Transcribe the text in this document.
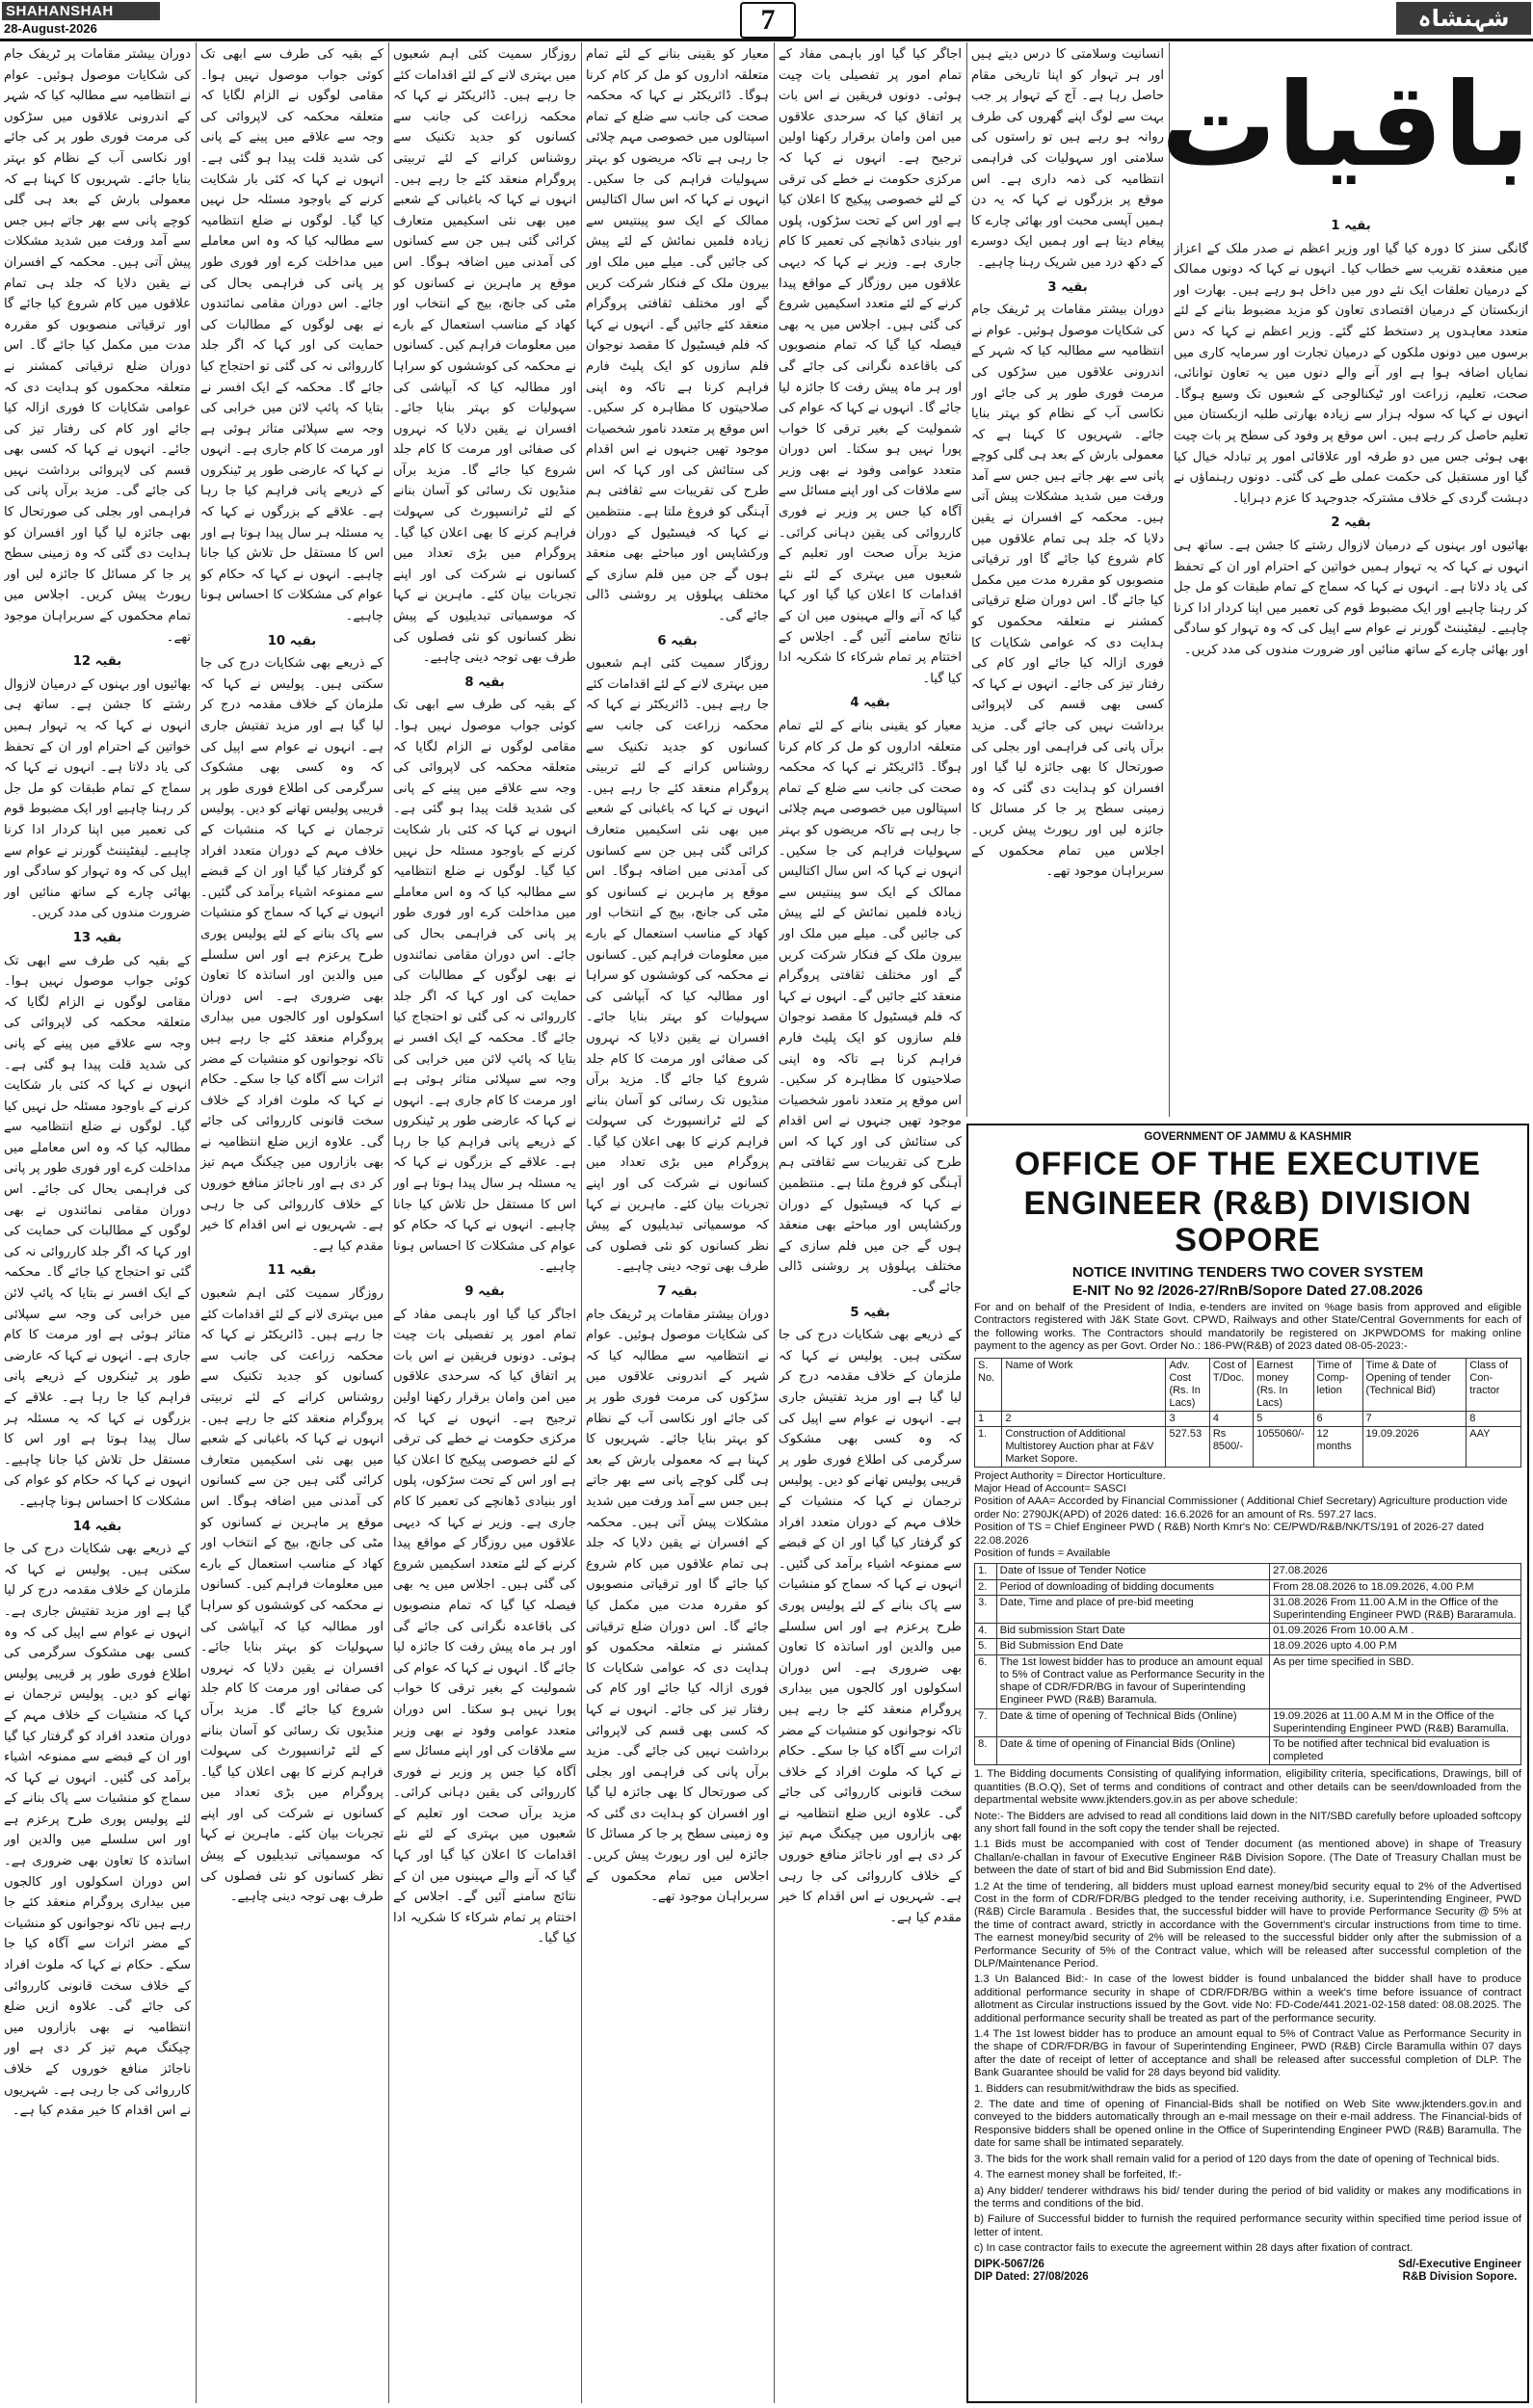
SHAHANSHAH
28-August-2026	7	شہنشاہ
باقیات
بقیہ 1

گانگی سنز کا دورہ کیا گیا اور وزیر اعظم نے صدر ملک کے اعزاز میں منعقدہ تقریب سے خطاب کیا۔ انہوں نے کہا کہ دونوں ممالک کے درمیان تعلقات ایک نئے دور میں داخل ہو رہے ہیں۔ بھارت اور ازبکستان کے درمیان اقتصادی تعاون کو مزید مضبوط بنانے کے لئے متعدد معاہدوں پر دستخط کئے گئے۔ وزیر اعظم نے کہا کہ دس برسوں میں دونوں ملکوں کے درمیان تجارت اور سرمایہ کاری میں نمایاں اضافہ ہوا ہے اور آنے والے دنوں میں یہ تعاون توانائی، صحت، تعلیم، زراعت اور ٹیکنالوجی کے شعبوں تک وسیع ہوگا۔ انہوں نے کہا کہ سولہ ہزار سے زیادہ بھارتی طلبہ ازبکستان میں تعلیم حاصل کر رہے ہیں۔ اس موقع پر وفود کی سطح پر بات چیت بھی ہوئی جس میں دو طرفہ اور علاقائی امور پر تبادلہ خیال کیا گیا اور مستقبل کی حکمت عملی طے کی گئی۔ دونوں رہنماؤں نے دہشت گردی کے خلاف مشترکہ جدوجہد کا عزم دہرایا۔

بقیہ 2

بھائیوں اور بہنوں کے درمیان لازوال رشتے کا جشن ہے۔ ساتھ ہی انہوں نے کہا کہ یہ تہوار ہمیں خواتین کے احترام اور ان کے تحفظ کی یاد دلاتا ہے۔ انہوں نے کہا کہ سماج کے تمام طبقات کو مل جل کر رہنا چاہیے اور ایک مضبوط قوم کی تعمیر میں اپنا کردار ادا کرنا چاہیے۔ لیفٹیننٹ گورنر نے عوام سے اپیل کی کہ وہ تہوار کو سادگی اور بھائی چارے کے ساتھ منائیں اور ضرورت مندوں کی مدد کریں۔

انسانیت وسلامتی کا درس دیتے ہیں اور ہر تہوار کو اپنا تاریخی مقام حاصل رہا ہے۔ آج کے تہوار پر جب بہت سے لوگ اپنے گھروں کی طرف روانہ ہو رہے ہیں تو راستوں کی سلامتی اور سہولیات کی فراہمی انتظامیہ کی ذمہ داری ہے۔ اس موقع پر بزرگوں نے کہا کہ یہ دن ہمیں آپسی محبت اور بھائی چارے کا پیغام دیتا ہے اور ہمیں ایک دوسرے کے دکھ درد میں شریک رہنا چاہیے۔

بقیہ 3

دوران بیشتر مقامات پر ٹریفک جام کی شکایات موصول ہوئیں۔ عوام نے انتظامیہ سے مطالبہ کیا کہ شہر کے اندرونی علاقوں میں سڑکوں کی مرمت فوری طور پر کی جائے اور نکاسی آب کے نظام کو بہتر بنایا جائے۔ شہریوں کا کہنا ہے کہ معمولی بارش کے بعد ہی گلی کوچے پانی سے بھر جاتے ہیں جس سے آمد ورفت میں شدید مشکلات پیش آتی ہیں۔ محکمہ کے افسران نے یقین دلایا کہ جلد ہی تمام علاقوں میں کام شروع کیا جائے گا اور ترقیاتی منصوبوں کو مقررہ مدت میں مکمل کیا جائے گا۔ اس دوران ضلع ترقیاتی کمشنر نے متعلقہ محکموں کو ہدایت دی کہ عوامی شکایات کا فوری ازالہ کیا جائے اور کام کی رفتار تیز کی جائے۔ انہوں نے کہا کہ کسی بھی قسم کی لاپروائی برداشت نہیں کی جائے گی۔ مزید برآں پانی کی فراہمی اور بجلی کی صورتحال کا بھی جائزہ لیا گیا اور افسران کو ہدایت دی گئی کہ وہ زمینی سطح پر جا کر مسائل کا جائزہ لیں اور رپورٹ پیش کریں۔ اجلاس میں تمام محکموں کے سربراہان موجود تھے۔

اجاگر کیا گیا اور باہمی مفاد کے تمام امور پر تفصیلی بات چیت ہوئی۔ دونوں فریقین نے اس بات پر اتفاق کیا کہ سرحدی علاقوں میں امن وامان برقرار رکھنا اولین ترجیح ہے۔ انہوں نے کہا کہ مرکزی حکومت نے خطے کی ترقی کے لئے خصوصی پیکیج کا اعلان کیا ہے اور اس کے تحت سڑکوں، پلوں اور بنیادی ڈھانچے کی تعمیر کا کام جاری ہے۔ وزیر نے کہا کہ دیہی علاقوں میں روزگار کے مواقع پیدا کرنے کے لئے متعدد اسکیمیں شروع کی گئی ہیں۔ اجلاس میں یہ بھی فیصلہ کیا گیا کہ تمام منصوبوں کی باقاعدہ نگرانی کی جائے گی اور ہر ماہ پیش رفت کا جائزہ لیا جائے گا۔ انہوں نے کہا کہ عوام کی شمولیت کے بغیر ترقی کا خواب پورا نہیں ہو سکتا۔ اس دوران متعدد عوامی وفود نے بھی وزیر سے ملاقات کی اور اپنے مسائل سے آگاہ کیا جس پر وزیر نے فوری کارروائی کی یقین دہانی کرائی۔ مزید برآں صحت اور تعلیم کے شعبوں میں بہتری کے لئے نئے اقدامات کا اعلان کیا گیا اور کہا گیا کہ آنے والے مہینوں میں ان کے نتائج سامنے آئیں گے۔ اجلاس کے اختتام پر تمام شرکاء کا شکریہ ادا کیا گیا۔

بقیہ 4

معیار کو یقینی بنانے کے لئے تمام متعلقہ اداروں کو مل کر کام کرنا ہوگا۔ ڈائریکٹر نے کہا کہ محکمہ صحت کی جانب سے ضلع کے تمام اسپتالوں میں خصوصی مہم چلائی جا رہی ہے تاکہ مریضوں کو بہتر سہولیات فراہم کی جا سکیں۔ انہوں نے کہا کہ اس سال اکتالیس ممالک کے ایک سو پینتیس سے زیادہ فلمیں نمائش کے لئے پیش کی جائیں گی۔ میلے میں ملک اور بیرون ملک کے فنکار شرکت کریں گے اور مختلف ثقافتی پروگرام منعقد کئے جائیں گے۔ انہوں نے کہا کہ فلم فیسٹیول کا مقصد نوجوان فلم سازوں کو ایک پلیٹ فارم فراہم کرنا ہے تاکہ وہ اپنی صلاحیتوں کا مظاہرہ کر سکیں۔ اس موقع پر متعدد نامور شخصیات موجود تھیں جنہوں نے اس اقدام کی ستائش کی اور کہا کہ اس طرح کی تقریبات سے ثقافتی ہم آہنگی کو فروغ ملتا ہے۔ منتظمین نے کہا کہ فیسٹیول کے دوران ورکشاپس اور مباحثے بھی منعقد ہوں گے جن میں فلم سازی کے مختلف پہلوؤں پر روشنی ڈالی جائے گی۔

بقیہ 5

کے ذریعے بھی شکایات درج کی جا سکتی ہیں۔ پولیس نے کہا کہ ملزمان کے خلاف مقدمہ درج کر لیا گیا ہے اور مزید تفتیش جاری ہے۔ انہوں نے عوام سے اپیل کی کہ وہ کسی بھی مشکوک سرگرمی کی اطلاع فوری طور پر قریبی پولیس تھانے کو دیں۔ پولیس ترجمان نے کہا کہ منشیات کے خلاف مہم کے دوران متعدد افراد کو گرفتار کیا گیا اور ان کے قبضے سے ممنوعہ اشیاء برآمد کی گئیں۔ انہوں نے کہا کہ سماج کو منشیات سے پاک بنانے کے لئے پولیس پوری طرح پرعزم ہے اور اس سلسلے میں والدین اور اساتذہ کا تعاون بھی ضروری ہے۔ اس دوران اسکولوں اور کالجوں میں بیداری پروگرام منعقد کئے جا رہے ہیں تاکہ نوجوانوں کو منشیات کے مضر اثرات سے آگاہ کیا جا سکے۔ حکام نے کہا کہ ملوث افراد کے خلاف سخت قانونی کارروائی کی جائے گی۔ علاوہ ازیں ضلع انتظامیہ نے بھی بازاروں میں چیکنگ مہم تیز کر دی ہے اور ناجائز منافع خوروں کے خلاف کارروائی کی جا رہی ہے۔ شہریوں نے اس اقدام کا خیر مقدم کیا ہے۔

معیار کو یقینی بنانے کے لئے تمام متعلقہ اداروں کو مل کر کام کرنا ہوگا۔ ڈائریکٹر نے کہا کہ محکمہ صحت کی جانب سے ضلع کے تمام اسپتالوں میں خصوصی مہم چلائی جا رہی ہے تاکہ مریضوں کو بہتر سہولیات فراہم کی جا سکیں۔ انہوں نے کہا کہ اس سال اکتالیس ممالک کے ایک سو پینتیس سے زیادہ فلمیں نمائش کے لئے پیش کی جائیں گی۔ میلے میں ملک اور بیرون ملک کے فنکار شرکت کریں گے اور مختلف ثقافتی پروگرام منعقد کئے جائیں گے۔ انہوں نے کہا کہ فلم فیسٹیول کا مقصد نوجوان فلم سازوں کو ایک پلیٹ فارم فراہم کرنا ہے تاکہ وہ اپنی صلاحیتوں کا مظاہرہ کر سکیں۔ اس موقع پر متعدد نامور شخصیات موجود تھیں جنہوں نے اس اقدام کی ستائش کی اور کہا کہ اس طرح کی تقریبات سے ثقافتی ہم آہنگی کو فروغ ملتا ہے۔ منتظمین نے کہا کہ فیسٹیول کے دوران ورکشاپس اور مباحثے بھی منعقد ہوں گے جن میں فلم سازی کے مختلف پہلوؤں پر روشنی ڈالی جائے گی۔

بقیہ 6

روزگار سمیت کئی اہم شعبوں میں بہتری لانے کے لئے اقدامات کئے جا رہے ہیں۔ ڈائریکٹر نے کہا کہ محکمہ زراعت کی جانب سے کسانوں کو جدید تکنیک سے روشناس کرانے کے لئے تربیتی پروگرام منعقد کئے جا رہے ہیں۔ انہوں نے کہا کہ باغبانی کے شعبے میں بھی نئی اسکیمیں متعارف کرائی گئی ہیں جن سے کسانوں کی آمدنی میں اضافہ ہوگا۔ اس موقع پر ماہرین نے کسانوں کو مٹی کی جانچ، بیج کے انتخاب اور کھاد کے مناسب استعمال کے بارے میں معلومات فراہم کیں۔ کسانوں نے محکمہ کی کوششوں کو سراہا اور مطالبہ کیا کہ آبپاشی کی سہولیات کو بہتر بنایا جائے۔ افسران نے یقین دلایا کہ نہروں کی صفائی اور مرمت کا کام جلد شروع کیا جائے گا۔ مزید برآں منڈیوں تک رسائی کو آسان بنانے کے لئے ٹرانسپورٹ کی سہولت فراہم کرنے کا بھی اعلان کیا گیا۔ پروگرام میں بڑی تعداد میں کسانوں نے شرکت کی اور اپنے تجربات بیان کئے۔ ماہرین نے کہا کہ موسمیاتی تبدیلیوں کے پیش نظر کسانوں کو نئی فصلوں کی طرف بھی توجہ دینی چاہیے۔

بقیہ 7

دوران بیشتر مقامات پر ٹریفک جام کی شکایات موصول ہوئیں۔ عوام نے انتظامیہ سے مطالبہ کیا کہ شہر کے اندرونی علاقوں میں سڑکوں کی مرمت فوری طور پر کی جائے اور نکاسی آب کے نظام کو بہتر بنایا جائے۔ شہریوں کا کہنا ہے کہ معمولی بارش کے بعد ہی گلی کوچے پانی سے بھر جاتے ہیں جس سے آمد ورفت میں شدید مشکلات پیش آتی ہیں۔ محکمہ کے افسران نے یقین دلایا کہ جلد ہی تمام علاقوں میں کام شروع کیا جائے گا اور ترقیاتی منصوبوں کو مقررہ مدت میں مکمل کیا جائے گا۔ اس دوران ضلع ترقیاتی کمشنر نے متعلقہ محکموں کو ہدایت دی کہ عوامی شکایات کا فوری ازالہ کیا جائے اور کام کی رفتار تیز کی جائے۔ انہوں نے کہا کہ کسی بھی قسم کی لاپروائی برداشت نہیں کی جائے گی۔ مزید برآں پانی کی فراہمی اور بجلی کی صورتحال کا بھی جائزہ لیا گیا اور افسران کو ہدایت دی گئی کہ وہ زمینی سطح پر جا کر مسائل کا جائزہ لیں اور رپورٹ پیش کریں۔ اجلاس میں تمام محکموں کے سربراہان موجود تھے۔

روزگار سمیت کئی اہم شعبوں میں بہتری لانے کے لئے اقدامات کئے جا رہے ہیں۔ ڈائریکٹر نے کہا کہ محکمہ زراعت کی جانب سے کسانوں کو جدید تکنیک سے روشناس کرانے کے لئے تربیتی پروگرام منعقد کئے جا رہے ہیں۔ انہوں نے کہا کہ باغبانی کے شعبے میں بھی نئی اسکیمیں متعارف کرائی گئی ہیں جن سے کسانوں کی آمدنی میں اضافہ ہوگا۔ اس موقع پر ماہرین نے کسانوں کو مٹی کی جانچ، بیج کے انتخاب اور کھاد کے مناسب استعمال کے بارے میں معلومات فراہم کیں۔ کسانوں نے محکمہ کی کوششوں کو سراہا اور مطالبہ کیا کہ آبپاشی کی سہولیات کو بہتر بنایا جائے۔ افسران نے یقین دلایا کہ نہروں کی صفائی اور مرمت کا کام جلد شروع کیا جائے گا۔ مزید برآں منڈیوں تک رسائی کو آسان بنانے کے لئے ٹرانسپورٹ کی سہولت فراہم کرنے کا بھی اعلان کیا گیا۔ پروگرام میں بڑی تعداد میں کسانوں نے شرکت کی اور اپنے تجربات بیان کئے۔ ماہرین نے کہا کہ موسمیاتی تبدیلیوں کے پیش نظر کسانوں کو نئی فصلوں کی طرف بھی توجہ دینی چاہیے۔

بقیہ 8

کے بقیہ کی طرف سے ابھی تک کوئی جواب موصول نہیں ہوا۔ مقامی لوگوں نے الزام لگایا کہ متعلقہ محکمہ کی لاپروائی کی وجہ سے علاقے میں پینے کے پانی کی شدید قلت پیدا ہو گئی ہے۔ انہوں نے کہا کہ کئی بار شکایت کرنے کے باوجود مسئلہ حل نہیں کیا گیا۔ لوگوں نے ضلع انتظامیہ سے مطالبہ کیا کہ وہ اس معاملے میں مداخلت کرے اور فوری طور پر پانی کی فراہمی بحال کی جائے۔ اس دوران مقامی نمائندوں نے بھی لوگوں کے مطالبات کی حمایت کی اور کہا کہ اگر جلد کارروائی نہ کی گئی تو احتجاج کیا جائے گا۔ محکمہ کے ایک افسر نے بتایا کہ پائپ لائن میں خرابی کی وجہ سے سپلائی متاثر ہوئی ہے اور مرمت کا کام جاری ہے۔ انہوں نے کہا کہ عارضی طور پر ٹینکروں کے ذریعے پانی فراہم کیا جا رہا ہے۔ علاقے کے بزرگوں نے کہا کہ یہ مسئلہ ہر سال پیدا ہوتا ہے اور اس کا مستقل حل تلاش کیا جانا چاہیے۔ انہوں نے کہا کہ حکام کو عوام کی مشکلات کا احساس ہونا چاہیے۔

بقیہ 9

اجاگر کیا گیا اور باہمی مفاد کے تمام امور پر تفصیلی بات چیت ہوئی۔ دونوں فریقین نے اس بات پر اتفاق کیا کہ سرحدی علاقوں میں امن وامان برقرار رکھنا اولین ترجیح ہے۔ انہوں نے کہا کہ مرکزی حکومت نے خطے کی ترقی کے لئے خصوصی پیکیج کا اعلان کیا ہے اور اس کے تحت سڑکوں، پلوں اور بنیادی ڈھانچے کی تعمیر کا کام جاری ہے۔ وزیر نے کہا کہ دیہی علاقوں میں روزگار کے مواقع پیدا کرنے کے لئے متعدد اسکیمیں شروع کی گئی ہیں۔ اجلاس میں یہ بھی فیصلہ کیا گیا کہ تمام منصوبوں کی باقاعدہ نگرانی کی جائے گی اور ہر ماہ پیش رفت کا جائزہ لیا جائے گا۔ انہوں نے کہا کہ عوام کی شمولیت کے بغیر ترقی کا خواب پورا نہیں ہو سکتا۔ اس دوران متعدد عوامی وفود نے بھی وزیر سے ملاقات کی اور اپنے مسائل سے آگاہ کیا جس پر وزیر نے فوری کارروائی کی یقین دہانی کرائی۔ مزید برآں صحت اور تعلیم کے شعبوں میں بہتری کے لئے نئے اقدامات کا اعلان کیا گیا اور کہا گیا کہ آنے والے مہینوں میں ان کے نتائج سامنے آئیں گے۔ اجلاس کے اختتام پر تمام شرکاء کا شکریہ ادا کیا گیا۔

کے بقیہ کی طرف سے ابھی تک کوئی جواب موصول نہیں ہوا۔ مقامی لوگوں نے الزام لگایا کہ متعلقہ محکمہ کی لاپروائی کی وجہ سے علاقے میں پینے کے پانی کی شدید قلت پیدا ہو گئی ہے۔ انہوں نے کہا کہ کئی بار شکایت کرنے کے باوجود مسئلہ حل نہیں کیا گیا۔ لوگوں نے ضلع انتظامیہ سے مطالبہ کیا کہ وہ اس معاملے میں مداخلت کرے اور فوری طور پر پانی کی فراہمی بحال کی جائے۔ اس دوران مقامی نمائندوں نے بھی لوگوں کے مطالبات کی حمایت کی اور کہا کہ اگر جلد کارروائی نہ کی گئی تو احتجاج کیا جائے گا۔ محکمہ کے ایک افسر نے بتایا کہ پائپ لائن میں خرابی کی وجہ سے سپلائی متاثر ہوئی ہے اور مرمت کا کام جاری ہے۔ انہوں نے کہا کہ عارضی طور پر ٹینکروں کے ذریعے پانی فراہم کیا جا رہا ہے۔ علاقے کے بزرگوں نے کہا کہ یہ مسئلہ ہر سال پیدا ہوتا ہے اور اس کا مستقل حل تلاش کیا جانا چاہیے۔ انہوں نے کہا کہ حکام کو عوام کی مشکلات کا احساس ہونا چاہیے۔

بقیہ 10

کے ذریعے بھی شکایات درج کی جا سکتی ہیں۔ پولیس نے کہا کہ ملزمان کے خلاف مقدمہ درج کر لیا گیا ہے اور مزید تفتیش جاری ہے۔ انہوں نے عوام سے اپیل کی کہ وہ کسی بھی مشکوک سرگرمی کی اطلاع فوری طور پر قریبی پولیس تھانے کو دیں۔ پولیس ترجمان نے کہا کہ منشیات کے خلاف مہم کے دوران متعدد افراد کو گرفتار کیا گیا اور ان کے قبضے سے ممنوعہ اشیاء برآمد کی گئیں۔ انہوں نے کہا کہ سماج کو منشیات سے پاک بنانے کے لئے پولیس پوری طرح پرعزم ہے اور اس سلسلے میں والدین اور اساتذہ کا تعاون بھی ضروری ہے۔ اس دوران اسکولوں اور کالجوں میں بیداری پروگرام منعقد کئے جا رہے ہیں تاکہ نوجوانوں کو منشیات کے مضر اثرات سے آگاہ کیا جا سکے۔ حکام نے کہا کہ ملوث افراد کے خلاف سخت قانونی کارروائی کی جائے گی۔ علاوہ ازیں ضلع انتظامیہ نے بھی بازاروں میں چیکنگ مہم تیز کر دی ہے اور ناجائز منافع خوروں کے خلاف کارروائی کی جا رہی ہے۔ شہریوں نے اس اقدام کا خیر مقدم کیا ہے۔

بقیہ 11

روزگار سمیت کئی اہم شعبوں میں بہتری لانے کے لئے اقدامات کئے جا رہے ہیں۔ ڈائریکٹر نے کہا کہ محکمہ زراعت کی جانب سے کسانوں کو جدید تکنیک سے روشناس کرانے کے لئے تربیتی پروگرام منعقد کئے جا رہے ہیں۔ انہوں نے کہا کہ باغبانی کے شعبے میں بھی نئی اسکیمیں متعارف کرائی گئی ہیں جن سے کسانوں کی آمدنی میں اضافہ ہوگا۔ اس موقع پر ماہرین نے کسانوں کو مٹی کی جانچ، بیج کے انتخاب اور کھاد کے مناسب استعمال کے بارے میں معلومات فراہم کیں۔ کسانوں نے محکمہ کی کوششوں کو سراہا اور مطالبہ کیا کہ آبپاشی کی سہولیات کو بہتر بنایا جائے۔ افسران نے یقین دلایا کہ نہروں کی صفائی اور مرمت کا کام جلد شروع کیا جائے گا۔ مزید برآں منڈیوں تک رسائی کو آسان بنانے کے لئے ٹرانسپورٹ کی سہولت فراہم کرنے کا بھی اعلان کیا گیا۔ پروگرام میں بڑی تعداد میں کسانوں نے شرکت کی اور اپنے تجربات بیان کئے۔ ماہرین نے کہا کہ موسمیاتی تبدیلیوں کے پیش نظر کسانوں کو نئی فصلوں کی طرف بھی توجہ دینی چاہیے۔

دوران بیشتر مقامات پر ٹریفک جام کی شکایات موصول ہوئیں۔ عوام نے انتظامیہ سے مطالبہ کیا کہ شہر کے اندرونی علاقوں میں سڑکوں کی مرمت فوری طور پر کی جائے اور نکاسی آب کے نظام کو بہتر بنایا جائے۔ شہریوں کا کہنا ہے کہ معمولی بارش کے بعد ہی گلی کوچے پانی سے بھر جاتے ہیں جس سے آمد ورفت میں شدید مشکلات پیش آتی ہیں۔ محکمہ کے افسران نے یقین دلایا کہ جلد ہی تمام علاقوں میں کام شروع کیا جائے گا اور ترقیاتی منصوبوں کو مقررہ مدت میں مکمل کیا جائے گا۔ اس دوران ضلع ترقیاتی کمشنر نے متعلقہ محکموں کو ہدایت دی کہ عوامی شکایات کا فوری ازالہ کیا جائے اور کام کی رفتار تیز کی جائے۔ انہوں نے کہا کہ کسی بھی قسم کی لاپروائی برداشت نہیں کی جائے گی۔ مزید برآں پانی کی فراہمی اور بجلی کی صورتحال کا بھی جائزہ لیا گیا اور افسران کو ہدایت دی گئی کہ وہ زمینی سطح پر جا کر مسائل کا جائزہ لیں اور رپورٹ پیش کریں۔ اجلاس میں تمام محکموں کے سربراہان موجود تھے۔

بقیہ 12

بھائیوں اور بہنوں کے درمیان لازوال رشتے کا جشن ہے۔ ساتھ ہی انہوں نے کہا کہ یہ تہوار ہمیں خواتین کے احترام اور ان کے تحفظ کی یاد دلاتا ہے۔ انہوں نے کہا کہ سماج کے تمام طبقات کو مل جل کر رہنا چاہیے اور ایک مضبوط قوم کی تعمیر میں اپنا کردار ادا کرنا چاہیے۔ لیفٹیننٹ گورنر نے عوام سے اپیل کی کہ وہ تہوار کو سادگی اور بھائی چارے کے ساتھ منائیں اور ضرورت مندوں کی مدد کریں۔

بقیہ 13

کے بقیہ کی طرف سے ابھی تک کوئی جواب موصول نہیں ہوا۔ مقامی لوگوں نے الزام لگایا کہ متعلقہ محکمہ کی لاپروائی کی وجہ سے علاقے میں پینے کے پانی کی شدید قلت پیدا ہو گئی ہے۔ انہوں نے کہا کہ کئی بار شکایت کرنے کے باوجود مسئلہ حل نہیں کیا گیا۔ لوگوں نے ضلع انتظامیہ سے مطالبہ کیا کہ وہ اس معاملے میں مداخلت کرے اور فوری طور پر پانی کی فراہمی بحال کی جائے۔ اس دوران مقامی نمائندوں نے بھی لوگوں کے مطالبات کی حمایت کی اور کہا کہ اگر جلد کارروائی نہ کی گئی تو احتجاج کیا جائے گا۔ محکمہ کے ایک افسر نے بتایا کہ پائپ لائن میں خرابی کی وجہ سے سپلائی متاثر ہوئی ہے اور مرمت کا کام جاری ہے۔ انہوں نے کہا کہ عارضی طور پر ٹینکروں کے ذریعے پانی فراہم کیا جا رہا ہے۔ علاقے کے بزرگوں نے کہا کہ یہ مسئلہ ہر سال پیدا ہوتا ہے اور اس کا مستقل حل تلاش کیا جانا چاہیے۔ انہوں نے کہا کہ حکام کو عوام کی مشکلات کا احساس ہونا چاہیے۔

بقیہ 14

کے ذریعے بھی شکایات درج کی جا سکتی ہیں۔ پولیس نے کہا کہ ملزمان کے خلاف مقدمہ درج کر لیا گیا ہے اور مزید تفتیش جاری ہے۔ انہوں نے عوام سے اپیل کی کہ وہ کسی بھی مشکوک سرگرمی کی اطلاع فوری طور پر قریبی پولیس تھانے کو دیں۔ پولیس ترجمان نے کہا کہ منشیات کے خلاف مہم کے دوران متعدد افراد کو گرفتار کیا گیا اور ان کے قبضے سے ممنوعہ اشیاء برآمد کی گئیں۔ انہوں نے کہا کہ سماج کو منشیات سے پاک بنانے کے لئے پولیس پوری طرح پرعزم ہے اور اس سلسلے میں والدین اور اساتذہ کا تعاون بھی ضروری ہے۔ اس دوران اسکولوں اور کالجوں میں بیداری پروگرام منعقد کئے جا رہے ہیں تاکہ نوجوانوں کو منشیات کے مضر اثرات سے آگاہ کیا جا سکے۔ حکام نے کہا کہ ملوث افراد کے خلاف سخت قانونی کارروائی کی جائے گی۔ علاوہ ازیں ضلع انتظامیہ نے بھی بازاروں میں چیکنگ مہم تیز کر دی ہے اور ناجائز منافع خوروں کے خلاف کارروائی کی جا رہی ہے۔ شہریوں نے اس اقدام کا خیر مقدم کیا ہے۔

GOVERNMENT OF JAMMU & KASHMIR
OFFICE OF THE EXECUTIVE
ENGINEER (R&B) DIVISION SOPORE
NOTICE INVITING TENDERS TWO COVER SYSTEM
E-NIT No 92 /2026-27/RnB/Sopore Dated 27.08.2026
For and on behalf of the President of India, e-tenders are invited on %age basis from approved and eligible Contractors registered with J&K State Govt. CPWD, Railways and other State/Central Governments for each of the following works. The Contractors should mandatorily be registered on JKPWDOMS for making online payment to the agency as per Govt. Order No.: 186-PW(R&B) of 2023 dated 08-05-2023:-
S. No.	Name of Work	Adv. Cost (Rs. In Lacs)	Cost of T/Doc.	Earnest money (Rs. In Lacs)	Time of Comp-letion	Time & Date of Opening of tender (Technical Bid)	Class of Con-tractor
1	2	3	4	5	6	7	8
1.	Construction of Additional Multistorey Auction phar at F&V Market Sopore.	527.53	Rs 8500/-	1055060/-	12 months	19.09.2026	AAY
Project Authority = Director Horticulture.
Major Head of Account= SASCI
Position of AAA= Accorded by Financial Commissioner ( Additional Chief Secretary) Agriculture production vide order No: 2790JK(APD) of 2026 dated: 16.6.2026 for an amount of Rs. 597.27 lacs.
Position of TS = Chief Engineer PWD ( R&B) North Kmr's No: CE/PWD/R&B/NK/TS/191 of 2026-27 dated 22.08.2026
Position of funds = Available
1.	Date of Issue of Tender Notice	27.08.2026
2.	Period of downloading of bidding documents	From 28.08.2026 to 18.09.2026, 4.00 P.M
3.	Date, Time and place of pre-bid meeting	31.08.2026 From 11.00 A.M in the Office of the Superintending Engineer PWD (R&B) Bararamula.
4.	Bid submission Start Date	01.09.2026 From 10.00 A.M .
5.	Bid Submission End Date	18.09.2026 upto 4.00 P.M
6.	The 1st lowest bidder has to produce an amount equal to 5% of Contract value as Performance Security in the shape of CDR/FDR/BG in favour of Superintending Engineer PWD (R&B) Baramula.	As per time specified in SBD.
7.	Date & time of opening of Technical Bids (Online)	19.09.2026 at 11.00 A.M M in the Office of the Superintending Engineer PWD (R&B) Baramulla.
8.	Date & time of opening of Financial Bids (Online)	To be notified after technical bid evaluation is completed
1. The Bidding documents Consisting of qualifying information, eligibility criteria, specifications, Drawings, bill of quantities (B.O.Q), Set of terms and conditions of contract and other details can be seen/downloaded from the departmental website www.jktenders.gov.in as per above schedule:
Note:- The Bidders are advised to read all conditions laid down in the NIT/SBD carefully before uploaded softcopy any short fall found in the soft copy the tender shall be rejected.
1.1 Bids must be accompanied with cost of Tender document (as mentioned above) in shape of Treasury Challan/e-challan in favour of Executive Engineer R&B Division Sopore. (The Date of Treasury Challan must be between the date of start of bid and Bid Submission End date).
1.2 At the time of tendering, all bidders must upload earnest money/bid security equal to 2% of the Advertised Cost in the form of CDR/FDR/BG pledged to the tender receiving authority, i.e. Superintending Engineer, PWD (R&B) Circle Baramula . Besides that, the successful bidder will have to provide Performance Security @ 5% at the time of contract award, strictly in accordance with the Government's circular instructions from time to time. The earnest money/bid security of 2% will be released to the successful bidder only after the submission of a Performance Security of 5% of the Contract value, which will be released after successful completion of the DLP/Maintenance Period.
1.3 Un Balanced Bid:- In case of the lowest bidder is found unbalanced the bidder shall have to produce additional performance security in shape of CDR/FDR/BG within a week's time before issuance of contract allotment as Circular instructions issued by the Govt. vide No: FD-Code/441.2021-02-158 dated: 08.08.2025. The additional performance security shall be treated as part of the performance security.
1.4 The 1st lowest bidder has to produce an amount equal to 5% of Contract Value as Performance Security in the shape of CDR/FDR/BG in favour of Superintending Engineer, PWD (R&B) Circle Baramulla within 07 days after the date of receipt of letter of acceptance and shall be released after successful completion of DLP. The Bank Guarantee should be valid for 28 days beyond bid validity.
1. Bidders can resubmit/withdraw the bids as specified.
2. The date and time of opening of Financial-Bids shall be notified on Web Site www.jktenders.gov.in and conveyed to the bidders automatically through an e-mail message on their e-mail address. The Financial-bids of Responsive bidders shall be opened online in the Office of Superintending Engineer PWD (R&B) Baramulla. The date for same shall be intimated separately.
3. The bids for the work shall remain valid for a period of 120 days from the date of opening of Technical bids.
4. The earnest money shall be forfeited, If:-
a) Any bidder/ tenderer withdraws his bid/ tender during the period of bid validity or makes any modifications in the terms and conditions of the bid.
b) Failure of Successful bidder to furnish the required performance security within specified time period issue of letter of intent.
c) In case contractor fails to execute the agreement within 28 days after fixation of contract.
DIPK-5067/26
DIP Dated: 27/08/2026
Sd/-Executive Engineer
R&B Division Sopore.
